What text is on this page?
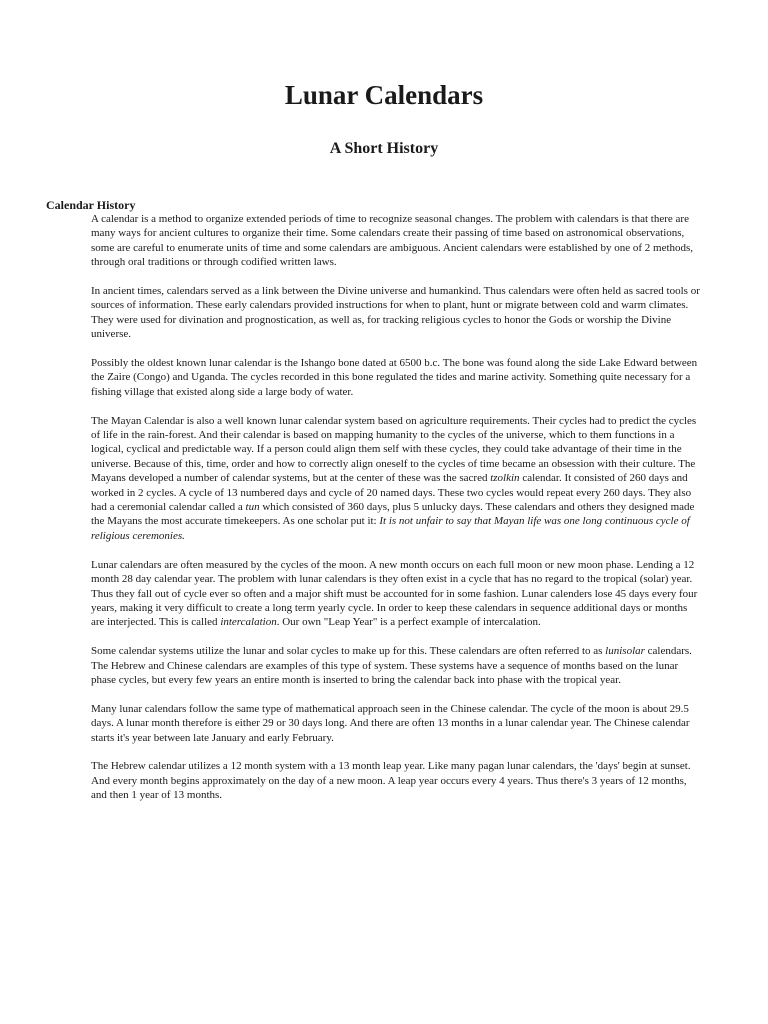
Lunar Calendars
A Short History
Calendar History

A calendar is a method to organize extended periods of time to recognize seasonal changes. The problem with calendars is that there are many ways for ancient cultures to organize their time. Some calendars create their passing of time based on astronomical observations, some are careful to enumerate units of time and some calendars are ambiguous. Ancient calendars were established by one of 2 methods, through oral traditions or through codified written laws.

In ancient times, calendars served as a link between the Divine universe and humankind. Thus calendars were often held as sacred tools or sources of information. These early calendars provided instructions for when to plant, hunt or migrate between cold and warm climates. They were used for divination and prognostication, as well as, for tracking religious cycles to honor the Gods or worship the Divine universe.

Possibly the oldest known lunar calendar is the Ishango bone dated at 6500 b.c. The bone was found along the side Lake Edward between the Zaire (Congo) and Uganda. The cycles recorded in this bone regulated the tides and marine activity. Something quite necessary for a fishing village that existed along side a large body of water.

The Mayan Calendar is also a well known lunar calendar system based on agriculture requirements. Their cycles had to predict the cycles of life in the rain-forest. And their calendar is based on mapping humanity to the cycles of the universe, which to them functions in a logical, cyclical and predictable way. If a person could align them self with these cycles, they could take advantage of their time in the universe. Because of this, time, order and how to correctly align oneself to the cycles of time became an obsession with their culture. The Mayans developed a number of calendar systems, but at the center of these was the sacred tzolkin calendar. It consisted of 260 days and worked in 2 cycles. A cycle of 13 numbered days and cycle of 20 named days. These two cycles would repeat every 260 days. They also had a ceremonial calendar called a tun which consisted of 360 days, plus 5 unlucky days. These calendars and others they designed made the Mayans the most accurate timekeepers. As one scholar put it: It is not unfair to say that Mayan life was one long continuous cycle of religious ceremonies.

Lunar calendars are often measured by the cycles of the moon. A new month occurs on each full moon or new moon phase. Lending a 12 month 28 day calendar year. The problem with lunar calendars is they often exist in a cycle that has no regard to the tropical (solar) year. Thus they fall out of cycle ever so often and a major shift must be accounted for in some fashion. Lunar calenders lose 45 days every four years, making it very difficult to create a long term yearly cycle. In order to keep these calendars in sequence additional days or months are interjected. This is called intercalation. Our own "Leap Year" is a perfect example of intercalation.

Some calendar systems utilize the lunar and solar cycles to make up for this. These calendars are often referred to as lunisolar calendars. The Hebrew and Chinese calendars are examples of this type of system. These systems have a sequence of months based on the lunar phase cycles, but every few years an entire month is inserted to bring the calendar back into phase with the tropical year.

Many lunar calendars follow the same type of mathematical approach seen in the Chinese calendar. The cycle of the moon is about 29.5 days. A lunar month therefore is either 29 or 30 days long. And there are often 13 months in a lunar calendar year. The Chinese calendar starts it's year between late January and early February.

The Hebrew calendar utilizes a 12 month system with a 13 month leap year. Like many pagan lunar calendars, the 'days' begin at sunset. And every month begins approximately on the day of a new moon. A leap year occurs every 4 years. Thus there's 3 years of 12 months, and then 1 year of 13 months.
